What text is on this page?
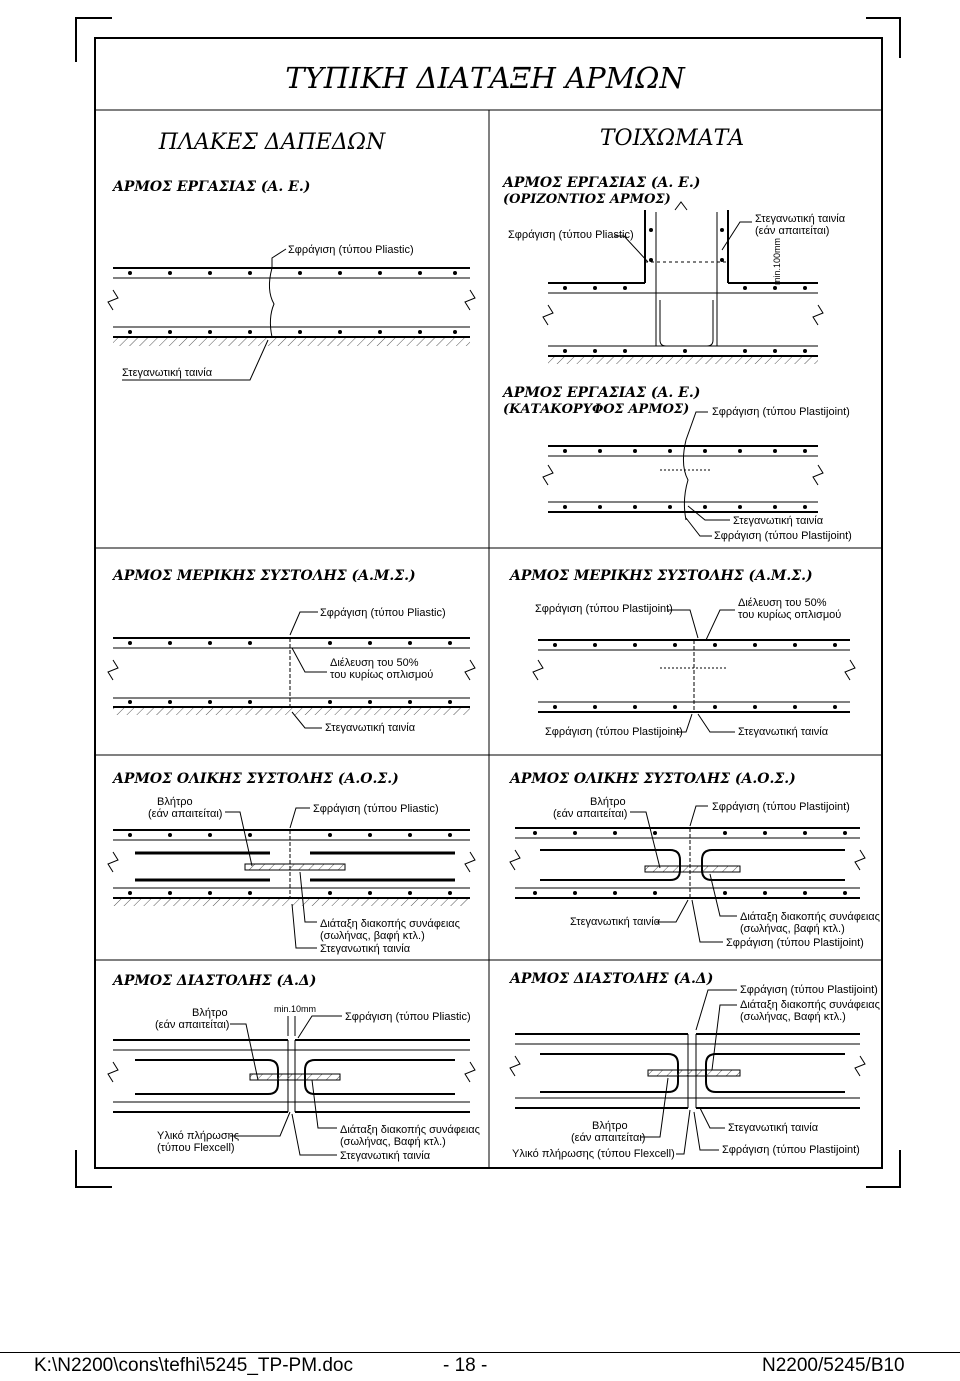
ΤΥΠΙΚΗ ΔΙΑΤΑΞΗ ΑΡΜΩΝ
ΠΛΑΚΕΣ ΔΑΠΕΔΩΝ	ΤΟΙΧΩΜΑΤΑ
ΑΡΜΟΣ ΕΡΓΑΣΙΑΣ (Α. Ε.)
Σφράγιση (τύπου Pliastic)
Στεγανωτική ταινία
ΑΡΜΟΣ ΕΡΓΑΣΙΑΣ (Α. Ε.)
(ΟΡΙΖΟΝΤΙΟΣ ΑΡΜΟΣ)
Σφράγιση (τύπου Pliastic)
Στεγανωτική ταινία
(εάν απαιτείται)
min.100mm
ΑΡΜΟΣ ΕΡΓΑΣΙΑΣ (Α. Ε.)
(ΚΑΤΑΚΟΡΥΦΟΣ ΑΡΜΟΣ) Σφράγιση (τύπου Plastijoint)
Στεγανωτική ταινία
Σφράγιση (τύπου Plastijoint)
ΑΡΜΟΣ ΜΕΡΙΚΗΣ ΣΥΣΤΟΛΗΣ (Α.Μ.Σ.)
Σφράγιση (τύπου Pliastic)
Διέλευση του 50%
του κυρίως οπλισμού
Στεγανωτική ταινία
ΑΡΜΟΣ ΜΕΡΙΚΗΣ ΣΥΣΤΟΛΗΣ (Α.Μ.Σ.)
Σφράγιση (τύπου Plastijoint)	Διέλευση του 50%
του κυρίως οπλισμού
Σφράγιση (τύπου Plastijoint)	Στεγανωτική ταινία
ΑΡΜΟΣ ΟΛΙΚΗΣ ΣΥΣΤΟΛΗΣ (Α.Ο.Σ.)
Βλήτρο
(εάν απαιτείται)	Σφράγιση (τύπου Pliastic)
Διάταξη διακοπής συνάφειας
(σωλήνας, βαφή κτλ.)
Στεγανωτική ταινία
ΑΡΜΟΣ ΟΛΙΚΗΣ ΣΥΣΤΟΛΗΣ (Α.Ο.Σ.)
Βλήτρο
(εάν απαιτείται)
Σφράγιση (τύπου Plastijoint)
Στεγανωτική ταινία	Διάταξη διακοπής συνάφειας
(σωλήνας, βαφή κτλ.)
Σφράγιση (τύπου Plastijoint)
ΑΡΜΟΣ ΔΙΑΣΤΟΛΗΣ (Α.Δ)
Βλήτρο
(εάν απαιτείται)
min.10mm
Σφράγιση (τύπου Pliastic)
Υλικό πλήρωσης
(τύπου Flexcell)
Διάταξη διακοπής συνάφειας
(σωλήνας, Βαφή κτλ.)
Στεγανωτική ταινία
ΑΡΜΟΣ ΔΙΑΣΤΟΛΗΣ (Α.Δ)
Σφράγιση (τύπου Plastijoint)
Διάταξη διακοπής συνάφειας
(σωλήνας, Βαφή κτλ.)
Βλήτρο
(εάν απαιτείται)
Υλικό πλήρωσης (τύπου Flexcell)
Στεγανωτική ταινία
Σφράγιση (τύπου Plastijoint)
K:\N2200\cons\tefhi\5245_TP-PM.doc	- 18 -	N2200/5245/B10
